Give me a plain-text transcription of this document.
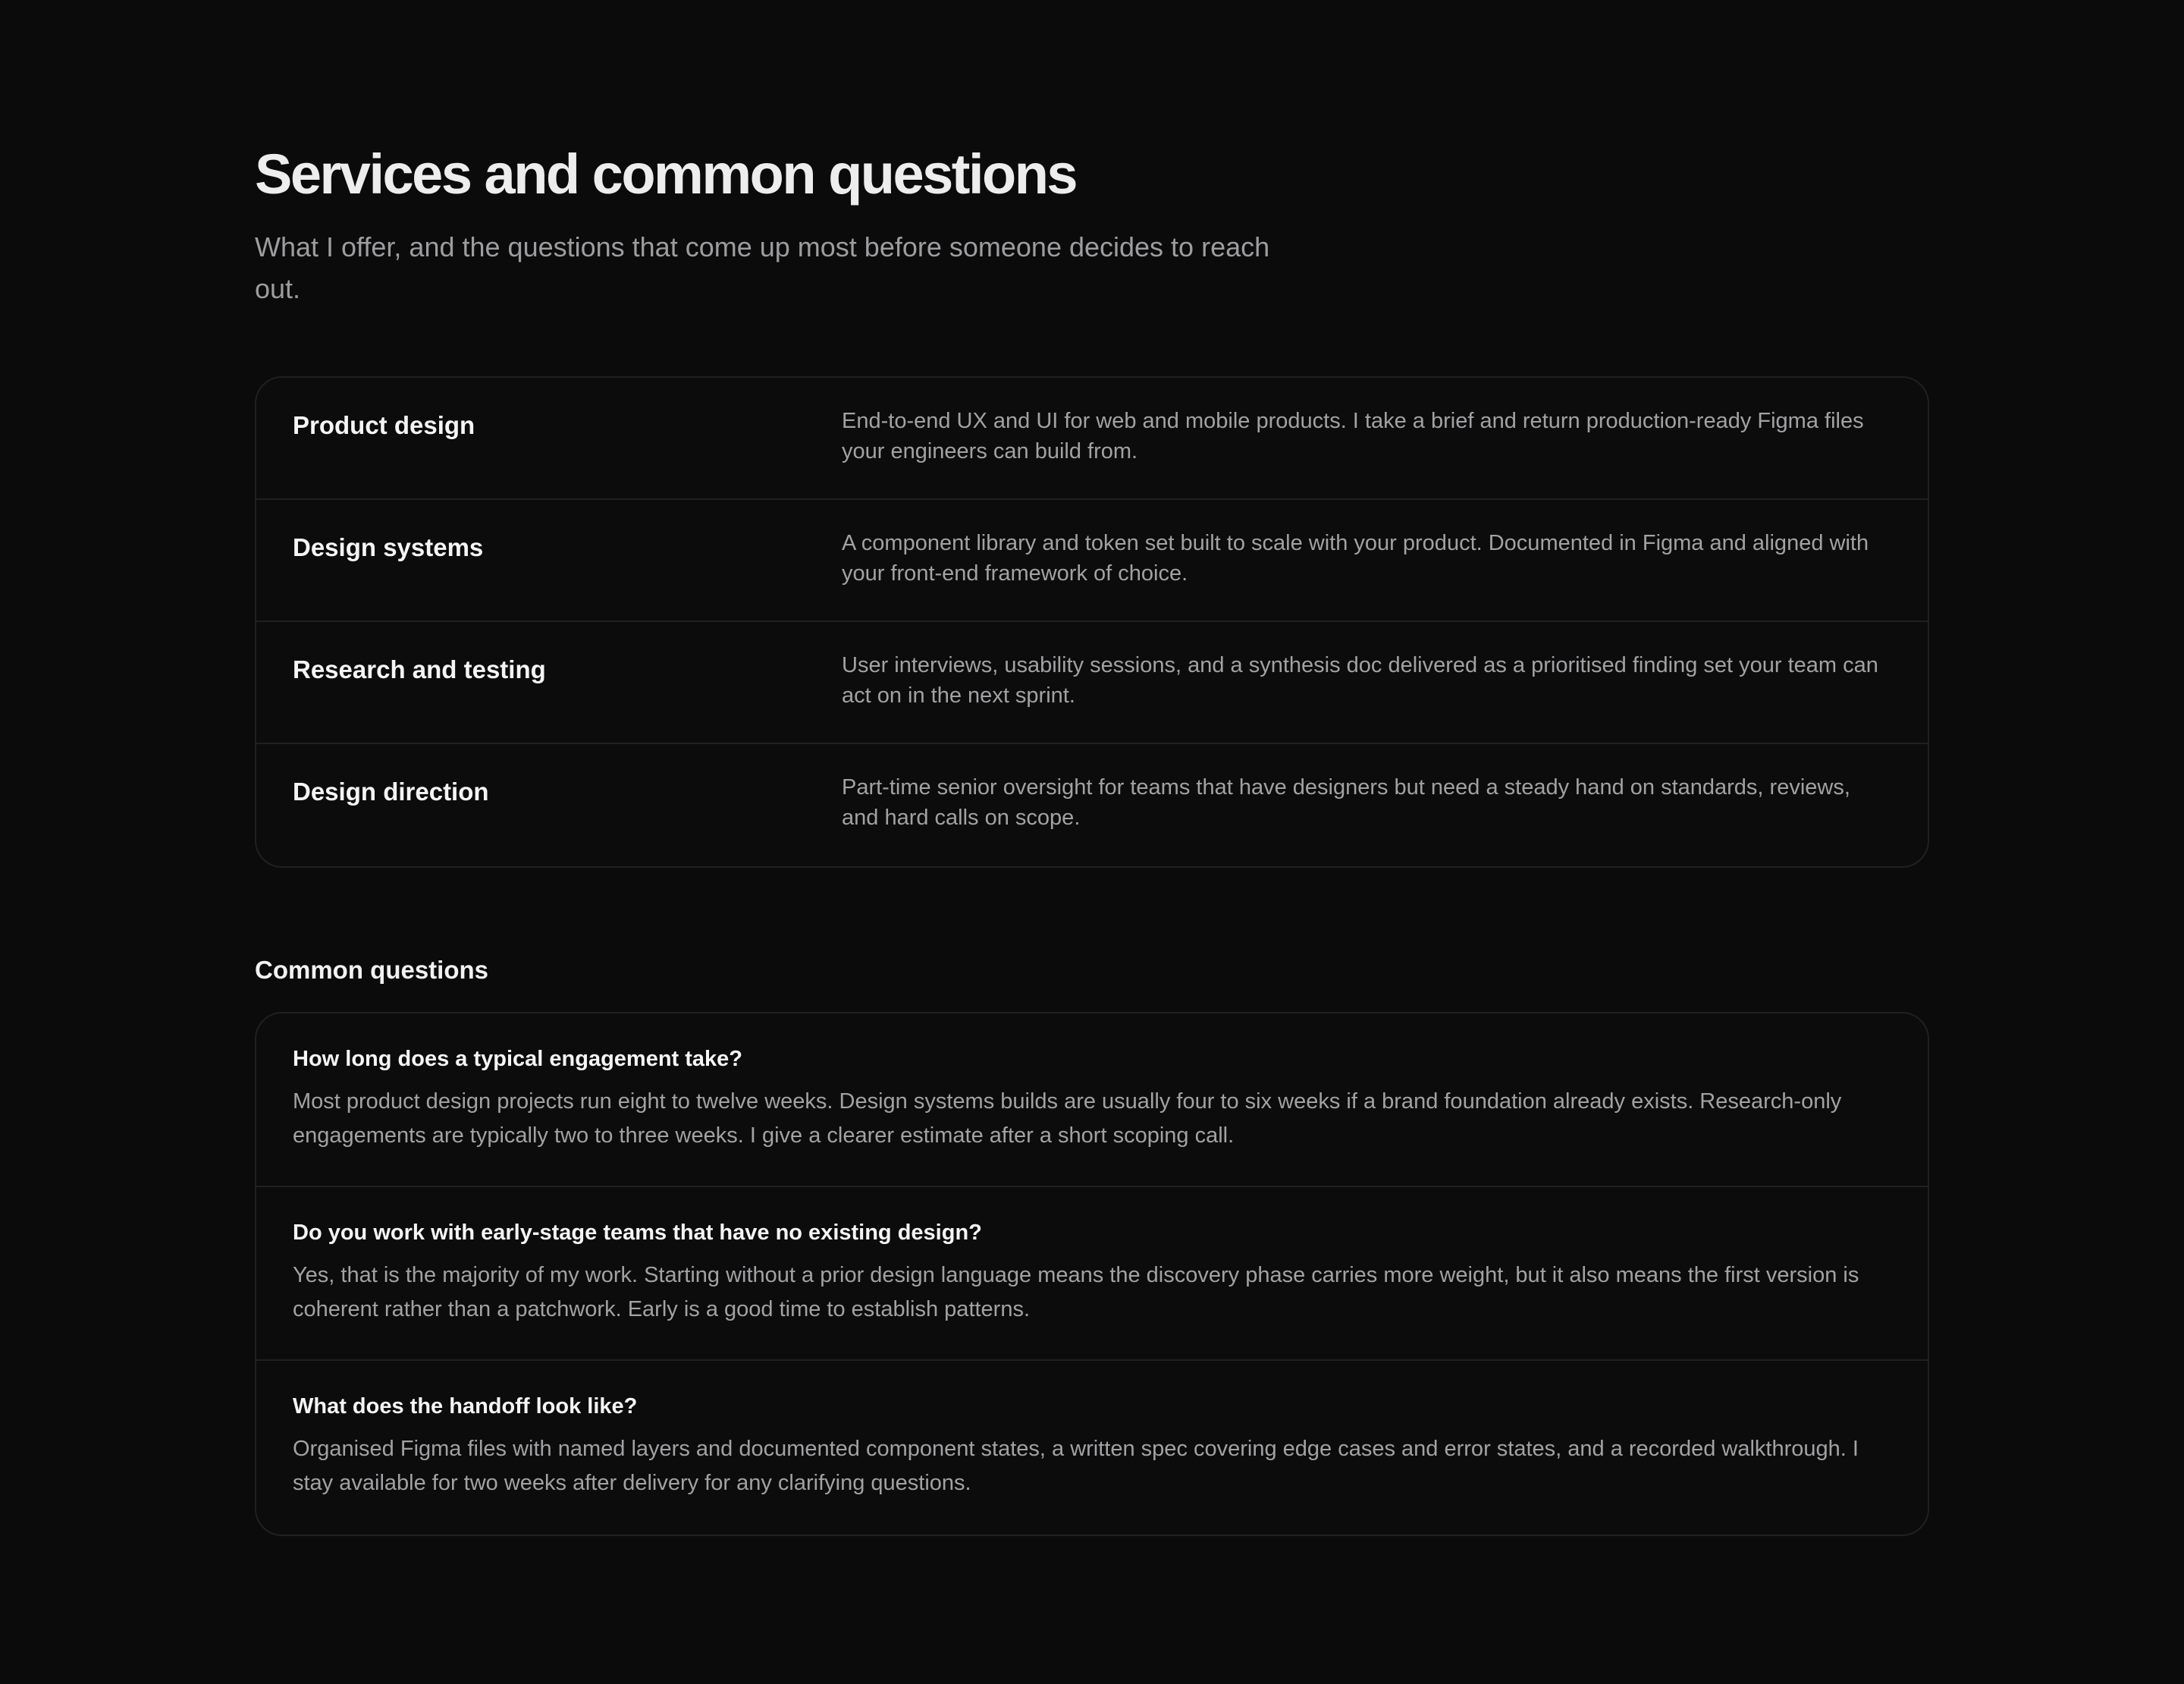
Services and common questions

What I offer, and the questions that come up most before someone decides to reach out.

Product design	End-to-end UX and UI for web and mobile products. I take a brief and return production-ready Figma files your engineers can build from.
Design systems	A component library and token set built to scale with your product. Documented in Figma and aligned with your front-end framework of choice.
Research and testing	User interviews, usability sessions, and a synthesis doc delivered as a prioritised finding set your team can act on in the next sprint.
Design direction	Part-time senior oversight for teams that have designers but need a steady hand on standards, reviews, and hard calls on scope.
Common questions
How long does a typical engagement take?
Most product design projects run eight to twelve weeks. Design systems builds are usually four to six weeks if a brand foundation already exists. Research-only engagements are typically two to three weeks. I give a clearer estimate after a short scoping call.
Do you work with early-stage teams that have no existing design?
Yes, that is the majority of my work. Starting without a prior design language means the discovery phase carries more weight, but it also means the first version is coherent rather than a patchwork. Early is a good time to establish patterns.
What does the handoff look like?
Organised Figma files with named layers and documented component states, a written spec covering edge cases and error states, and a recorded walkthrough. I stay available for two weeks after delivery for any clarifying questions.
